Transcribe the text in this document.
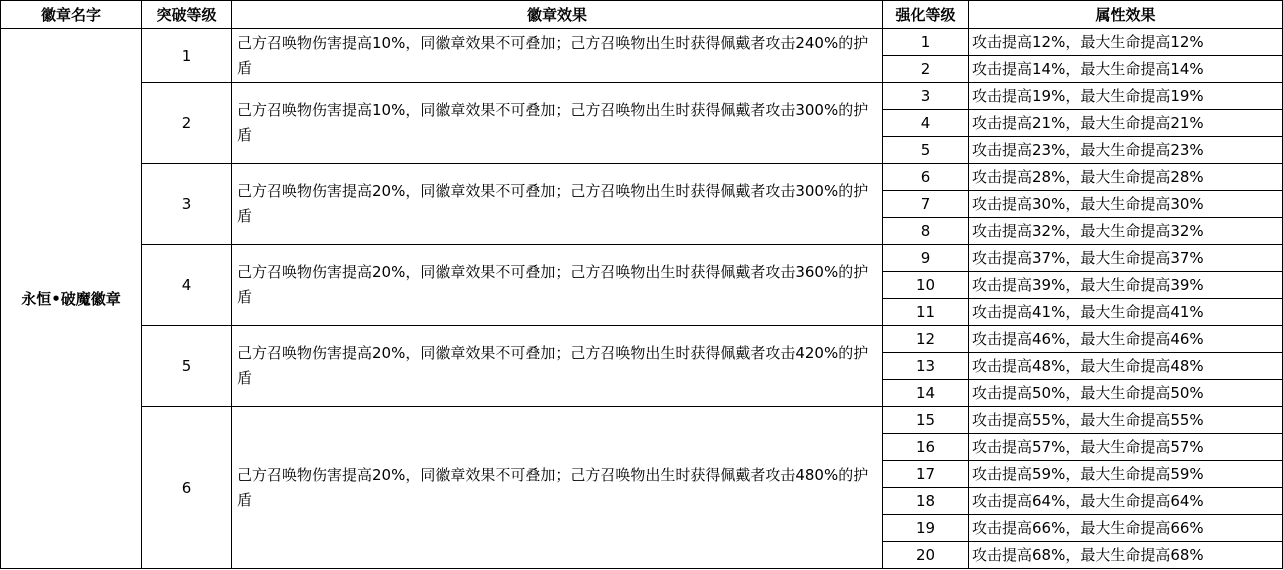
徽章名字	突破等级	徽章效果	强化等级	属性效果
永恒•破魔徽章	1	己方召唤物伤害提高10%，同徽章效果不可叠加；己方召唤物出生时获得佩戴者攻击240%的护盾	1	攻击提高12%，最大生命提高12%
			2	攻击提高14%，最大生命提高14%
	2	己方召唤物伤害提高10%，同徽章效果不可叠加；己方召唤物出生时获得佩戴者攻击300%的护盾	3	攻击提高19%，最大生命提高19%
			4	攻击提高21%，最大生命提高21%
			5	攻击提高23%，最大生命提高23%
	3	己方召唤物伤害提高20%，同徽章效果不可叠加；己方召唤物出生时获得佩戴者攻击300%的护盾	6	攻击提高28%，最大生命提高28%
			7	攻击提高30%，最大生命提高30%
			8	攻击提高32%，最大生命提高32%
	4	己方召唤物伤害提高20%，同徽章效果不可叠加；己方召唤物出生时获得佩戴者攻击360%的护盾	9	攻击提高37%，最大生命提高37%
			10	攻击提高39%，最大生命提高39%
			11	攻击提高41%，最大生命提高41%
	5	己方召唤物伤害提高20%，同徽章效果不可叠加；己方召唤物出生时获得佩戴者攻击420%的护盾	12	攻击提高46%，最大生命提高46%
			13	攻击提高48%，最大生命提高48%
			14	攻击提高50%，最大生命提高50%
	6	己方召唤物伤害提高20%，同徽章效果不可叠加；己方召唤物出生时获得佩戴者攻击480%的护盾	15	攻击提高55%，最大生命提高55%
			16	攻击提高57%，最大生命提高57%
			17	攻击提高59%，最大生命提高59%
			18	攻击提高64%，最大生命提高64%
			19	攻击提高66%，最大生命提高66%
			20	攻击提高68%，最大生命提高68%
